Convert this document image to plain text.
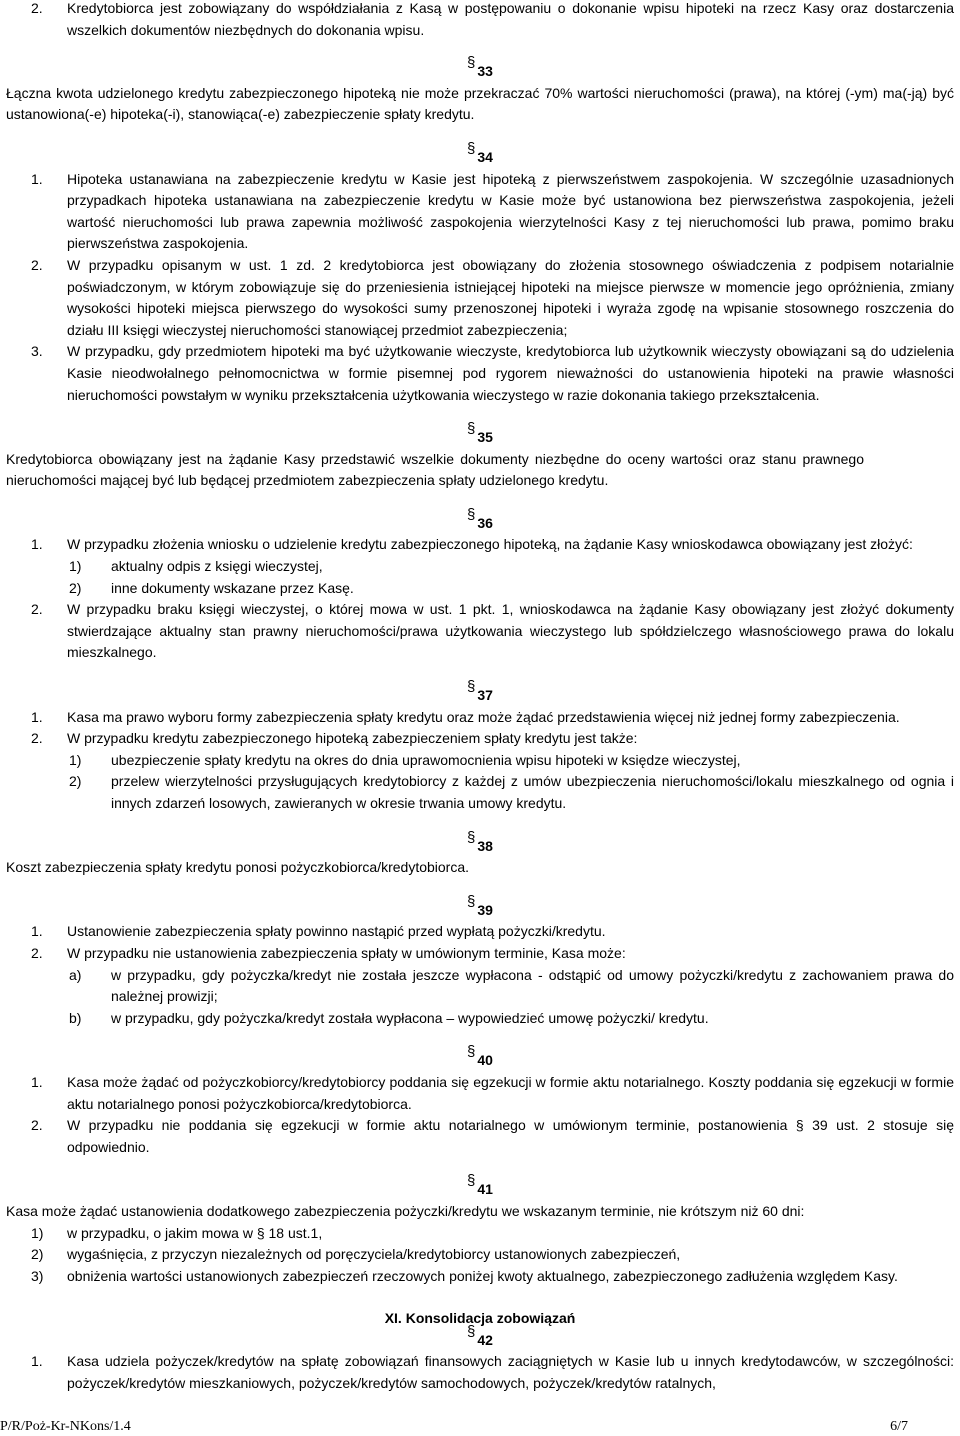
2. Kredytobiorca jest zobowiązany do współdziałania z Kasą w postępowaniu o dokonanie wpisu hipoteki na rzecz Kasy oraz dostarczenia wszelkich dokumentów niezbędnych do dokonania wpisu.

§ 33

Łączna kwota udzielonego kredytu zabezpieczonego hipoteką nie może przekraczać 70% wartości nieruchomości (prawa), na której (-ym) ma(-ją) być ustanowiona(-e) hipoteka(-i), stanowiąca(-e) zabezpieczenie spłaty kredytu.

§ 34

1. Hipoteka ustanawiana na zabezpieczenie kredytu w Kasie jest hipoteką z pierwszeństwem zaspokojenia. W szczególnie uzasadnionych przypadkach hipoteka ustanawiana na zabezpieczenie kredytu w Kasie może być ustanowiona bez pierwszeństwa zaspokojenia, jeżeli wartość nieruchomości lub prawa zapewnia możliwość zaspokojenia wierzytelności Kasy z tej nieruchomości lub prawa, pomimo braku pierwszeństwa zaspokojenia.
2. W przypadku opisanym w ust. 1 zd. 2 kredytobiorca jest obowiązany do złożenia stosownego oświadczenia z podpisem notarialnie poświadczonym, w którym zobowiązuje się do przeniesienia istniejącej hipoteki na miejsce pierwsze w momencie jego opróżnienia, zmiany wysokości hipoteki miejsca pierwszego do wysokości sumy przenoszonej hipoteki i wyraża zgodę na wpisanie stosownego roszczenia do działu III księgi wieczystej nieruchomości stanowiącej przedmiot zabezpieczenia;
3. W przypadku, gdy przedmiotem hipoteki ma być użytkowanie wieczyste, kredytobiorca lub użytkownik wieczysty obowiązani są do udzielenia Kasie nieodwołalnego pełnomocnictwa w formie pisemnej pod rygorem nieważności do ustanowienia hipoteki na prawie własności nieruchomości powstałym w wyniku przekształcenia użytkowania wieczystego w razie dokonania takiego przekształcenia.

§ 35

Kredytobiorca obowiązany jest na żądanie Kasy przedstawić wszelkie dokumenty niezbędne do oceny wartości oraz stanu prawnego nieruchomości mającej być lub będącej przedmiotem zabezpieczenia spłaty udzielonego kredytu.

§ 36

1. W przypadku złożenia wniosku o udzielenie kredytu zabezpieczonego hipoteką, na żądanie Kasy wnioskodawca obowiązany jest złożyć:
1) aktualny odpis z księgi wieczystej,
2) inne dokumenty wskazane przez Kasę.
2. W przypadku braku księgi wieczystej, o której mowa w ust. 1 pkt. 1, wnioskodawca na żądanie Kasy obowiązany jest złożyć dokumenty stwierdzające aktualny stan prawny nieruchomości/prawa użytkowania wieczystego lub spółdzielczego własnościowego prawa do lokalu mieszkalnego.

§ 37

1. Kasa ma prawo wyboru formy zabezpieczenia spłaty kredytu oraz może żądać przedstawienia więcej niż jednej formy zabezpieczenia.
2. W przypadku kredytu zabezpieczonego hipoteką zabezpieczeniem spłaty kredytu jest także:
1) ubezpieczenie spłaty kredytu na okres do dnia uprawomocnienia wpisu hipoteki w księdze wieczystej,
2) przelew wierzytelności przysługujących kredytobiorcy z każdej z umów ubezpieczenia nieruchomości/lokalu mieszkalnego od ognia i innych zdarzeń losowych, zawieranych w okresie trwania umowy kredytu.

§ 38

Koszt zabezpieczenia spłaty kredytu ponosi pożyczkobiorca/kredytobiorca.

§ 39

1. Ustanowienie zabezpieczenia spłaty powinno nastąpić przed wypłatą pożyczki/kredytu.
2. W przypadku nie ustanowienia zabezpieczenia spłaty w umówionym terminie, Kasa może:
a) w przypadku, gdy pożyczka/kredyt nie została jeszcze wypłacona - odstąpić od umowy pożyczki/kredytu z zachowaniem prawa do należnej prowizji;
b) w przypadku, gdy pożyczka/kredyt została wypłacona – wypowiedzieć umowę pożyczki/ kredytu.

§ 40

1. Kasa może żądać od pożyczkobiorcy/kredytobiorcy poddania się egzekucji w formie aktu notarialnego. Koszty poddania się egzekucji w formie aktu notarialnego ponosi pożyczkobiorca/kredytobiorca.
2. W przypadku nie poddania się egzekucji w formie aktu notarialnego w umówionym terminie, postanowienia § 39 ust. 2 stosuje się odpowiednio.

§ 41

Kasa może żądać ustanowienia dodatkowego zabezpieczenia pożyczki/kredytu we wskazanym terminie, nie krótszym niż 60 dni:

1) w przypadku, o jakim mowa w § 18 ust.1,
2) wygaśnięcia, z przyczyn niezależnych od poręczyciela/kredytobiorcy ustanowionych zabezpieczeń,
3) obniżenia wartości ustanowionych zabezpieczeń rzeczowych poniżej kwoty aktualnego, zabezpieczonego zadłużenia względem Kasy.

XI. Konsolidacja zobowiązań

§ 42

1. Kasa udziela pożyczek/kredytów na spłatę zobowiązań finansowych zaciągniętych w Kasie lub u innych kredytodawców, w szczególności: pożyczek/kredytów mieszkaniowych, pożyczek/kredytów samochodowych, pożyczek/kredytów ratalnych,
P/R/Poż-Kr-NKons/1.4	6/7
